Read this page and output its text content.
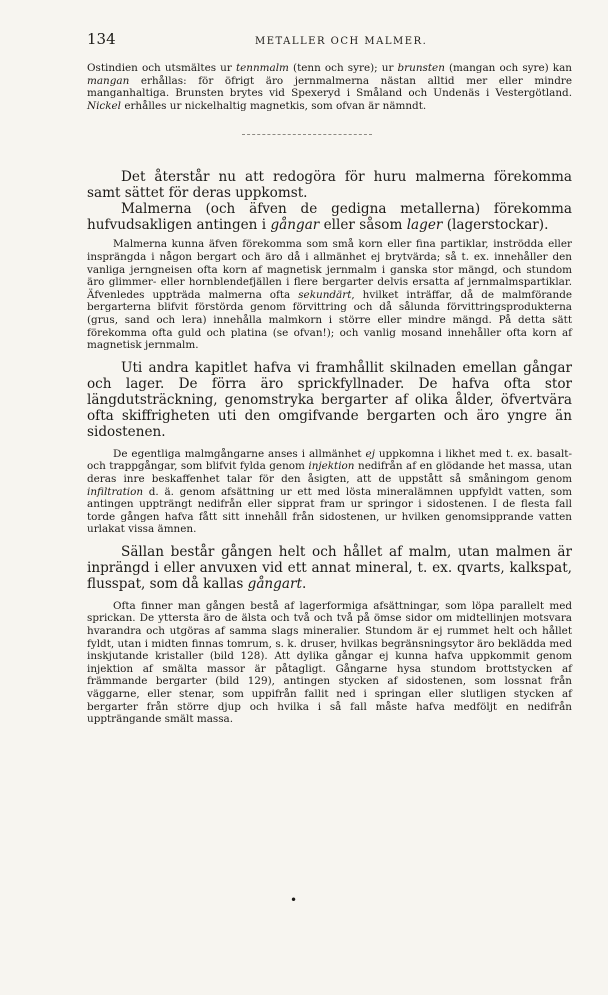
134	METALLER OCH MALMER.

Ostindien och utsmältes ur tennmalm (tenn och syre); ur brunsten (mangan och syre) kan mangan erhållas: för öfrigt äro jernmalmerna nästan alltid mer eller mindre manganhaltiga. Brunsten brytes vid Spexeryd i Småland och Undenäs i Vestergötland. Nickel erhålles ur nickelhaltig magnetkis, som ofvan är nämndt.

Det återstår nu att redogöra för huru malmerna förekomma samt sättet för deras uppkomst.

Malmerna (och äfven de gedigna metallerna) förekomma hufvudsakligen antingen i gångar eller såsom lager (lagerstockar).

Malmerna kunna äfven förekomma som små korn eller fina partiklar, inströdda eller insprängda i någon bergart och äro då i allmänhet ej brytvärda; så t. ex. innehåller den vanliga jerngneisen ofta korn af magnetisk jernmalm i ganska stor mängd, och stundom äro glimmer- eller hornblendefjällen i flere bergarter delvis ersatta af jernmalmspartiklar. Äfvenledes uppträda malmerna ofta sekundärt, hvilket inträffar, då de malmförande bergarterna blifvit förstörda genom förvittring och då sålunda förvittringsprodukterna (grus, sand och lera) innehålla malmkorn i större eller mindre mängd. På detta sätt förekomma ofta guld och platina (se ofvan!); och vanlig mosand innehåller ofta korn af magnetisk jernmalm.

Uti andra kapitlet hafva vi framhållit skilnaden emellan gångar och lager. De förra äro sprickfyllnader. De hafva ofta stor längdutsträckning, genomstryka bergarter af olika ålder, öfvertvära ofta skiffrigheten uti den omgifvande bergarten och äro yngre än sidostenen.

De egentliga malmgångarne anses i allmänhet ej uppkomna i likhet med t. ex. basalt- och trappgångar, som blifvit fylda genom injektion nedifrån af en glödande het massa, utan deras inre beskaffenhet talar för den åsigten, att de uppstått så småningom genom infiltration d. ä. genom afsättning ur ett med lösta mineralämnen uppfyldt vatten, som antingen uppträngt nedifrån eller sipprat fram ur springor i sidostenen. I de flesta fall torde gången hafva fått sitt innehåll från sidostenen, ur hvilken genomsipprande vatten urlakat vissa ämnen.

Sällan består gången helt och hållet af malm, utan malmen är inprängd i eller anvuxen vid ett annat mineral, t. ex. qvarts, kalkspat, flusspat, som då kallas gångart.

Ofta finner man gången bestå af lagerformiga afsättningar, som löpa parallelt med sprickan. De yttersta äro de älsta och två och två på ömse sidor om midtellinjen motsvara hvarandra och utgöras af samma slags mineralier. Stundom är ej rummet helt och hållet fyldt, utan i midten finnas tomrum, s. k. druser, hvilkas begränsningsytor äro beklädda med inskjutande kristaller (bild 128). Att dylika gångar ej kunna hafva uppkommit genom injektion af smälta massor är påtagligt. Gångarne hysa stundom brottstycken af främmande bergarter (bild 129), antingen stycken af sidostenen, som lossnat från väggarne, eller stenar, som uppifrån fallit ned i springan eller slutligen stycken af bergarter från större djup och hvilka i så fall måste hafva medföljt en nedifrån uppträngande smält massa.

•
